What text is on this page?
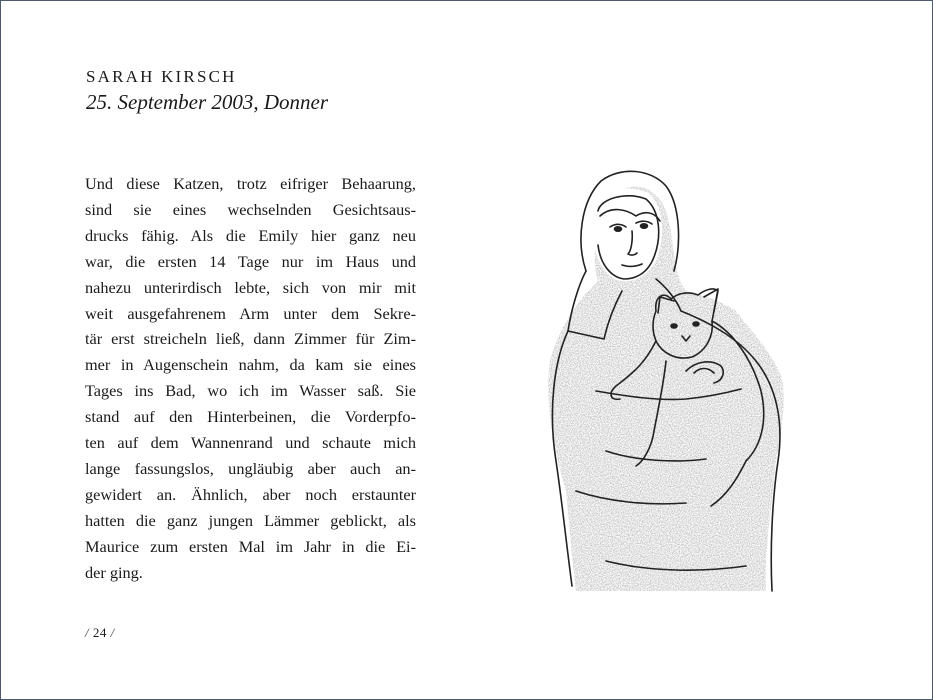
SARAH KIRSCH
25. September 2003, Donner
Und diese Katzen, trotz eifriger Behaarung,
sind sie eines wechselnden Gesichtsaus-
drucks fähig. Als die Emily hier ganz neu
war, die ersten 14 Tage nur im Haus und
nahezu unterirdisch lebte, sich von mir mit
weit ausgefahrenem Arm unter dem Sekre-
tär erst streicheln ließ, dann Zimmer für Zim-
mer in Augenschein nahm, da kam sie eines
Tages ins Bad, wo ich im Wasser saß. Sie
stand auf den Hinterbeinen, die Vorderpfo-
ten auf dem Wannenrand und schaute mich
lange fassungslos, ungläubig aber auch an-
gewidert an. Ähnlich, aber noch erstaunter
hatten die ganz jungen Lämmer geblickt, als
Maurice zum ersten Mal im Jahr in die Ei-
der ging.
/ 24 /
